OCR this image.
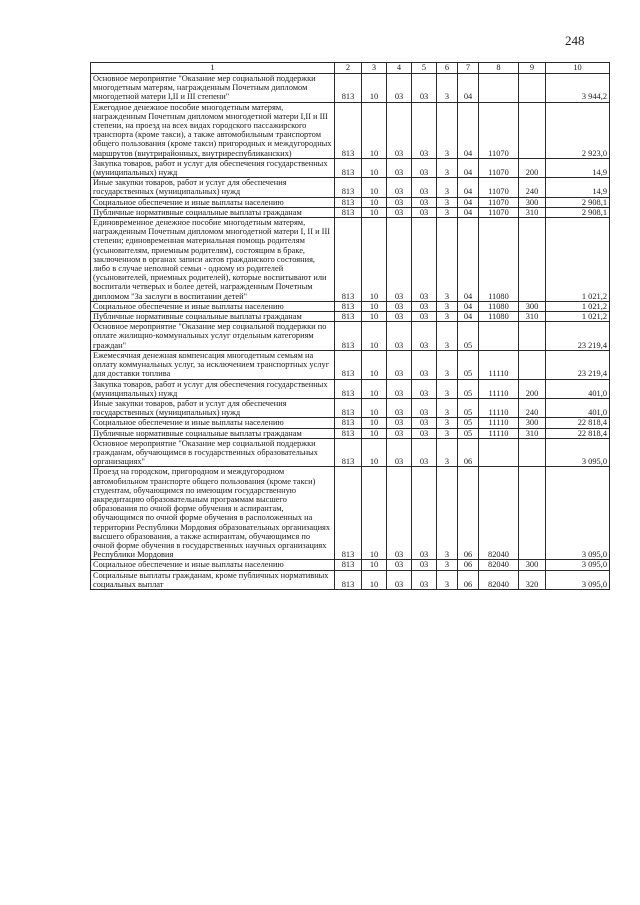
248
1	2	3	4	5	6	7	8	9	10
Основное мероприятие "Оказание мер социальной поддержки многодетным матерям, награжденным Почетным дипломом многодетной матери I,II и III степени"	813	10	03	03	3	04			3 944,2
Ежегодное денежное пособие многодетным матерям, награжденным Почетным дипломом многодетной матери I,II и III степени, на проезд на всех видах городского пассажирского транспорта (кроме такси), а также автомобильным транспортом общего пользования (кроме такси) пригородных и междугородных маршрутов (внутрирайонных, внутриреспубликанских)	813	10	03	03	3	04	11070		2 923,0
Закупка товаров, работ и услуг для обеспечения государственных (муниципальных) нужд	813	10	03	03	3	04	11070	200	14,9
Иные закупки товаров, работ и услуг для обеспечения государственных (муниципальных) нужд	813	10	03	03	3	04	11070	240	14,9
Социальное обеспечение и иные выплаты населению	813	10	03	03	3	04	11070	300	2 908,1
Публичные нормативные социальные выплаты гражданам	813	10	03	03	3	04	11070	310	2 908,1
Единовременное денежное пособие многодетным матерям, награжденным Почетным дипломом многодетной матери I, II и III степени; единовременная материальная помощь родителям (усыновителям, приемным родителям), состоящим в браке, заключенном в органах записи актов гражданского состояния, либо в случае неполной семьи - одному из родителей (усыновителей, приемных родителей), которые воспитывают или воспитали четверых и более детей, награжденным Почетным дипломом "За заслуги в воспитании детей"	813	10	03	03	3	04	11080		1 021,2
Социальное обеспечение и иные выплаты населению	813	10	03	03	3	04	11080	300	1 021,2
Публичные нормативные социальные выплаты гражданам	813	10	03	03	3	04	11080	310	1 021,2
Основное мероприятие "Оказание мер социальной поддержки по оплате жилищно-коммунальных услуг отдельным категориям граждан"	813	10	03	03	3	05			23 219,4
Ежемесячная денежная компенсация многодетным семьям на оплату коммунальных услуг, за исключением транспортных услуг для доставки топлива	813	10	03	03	3	05	11110		23 219,4
Закупка товаров, работ и услуг для обеспечения государственных (муниципальных) нужд	813	10	03	03	3	05	11110	200	401,0
Иные закупки товаров, работ и услуг для обеспечения государственных (муниципальных) нужд	813	10	03	03	3	05	11110	240	401,0
Социальное обеспечение и иные выплаты населению	813	10	03	03	3	05	11110	300	22 818,4
Публичные нормативные социальные выплаты гражданам	813	10	03	03	3	05	11110	310	22 818,4
Основное мероприятие "Оказание мер социальной поддержки гражданам, обучающимся в государственных образовательных организациях"	813	10	03	03	3	06			3 095,0
Проезд на городском, пригородном и междугородном автомобильном транспорте общего пользования (кроме такси) студентам, обучающимся по имеющим государственную аккредитацию образовательным программам высшего образования по очной форме обучения и аспирантам, обучающимся по очной форме обучения в расположенных на территории Республики Мордовия образовательных организациях высшего образования, а также аспирантам, обучающимся по очной форме обучения в государственных научных организациях Республики Мордовия	813	10	03	03	3	06	82040		3 095,0
Социальное обеспечение и иные выплаты населению	813	10	03	03	3	06	82040	300	3 095,0
Социальные выплаты гражданам, кроме публичных нормативных социальных выплат	813	10	03	03	3	06	82040	320	3 095,0
